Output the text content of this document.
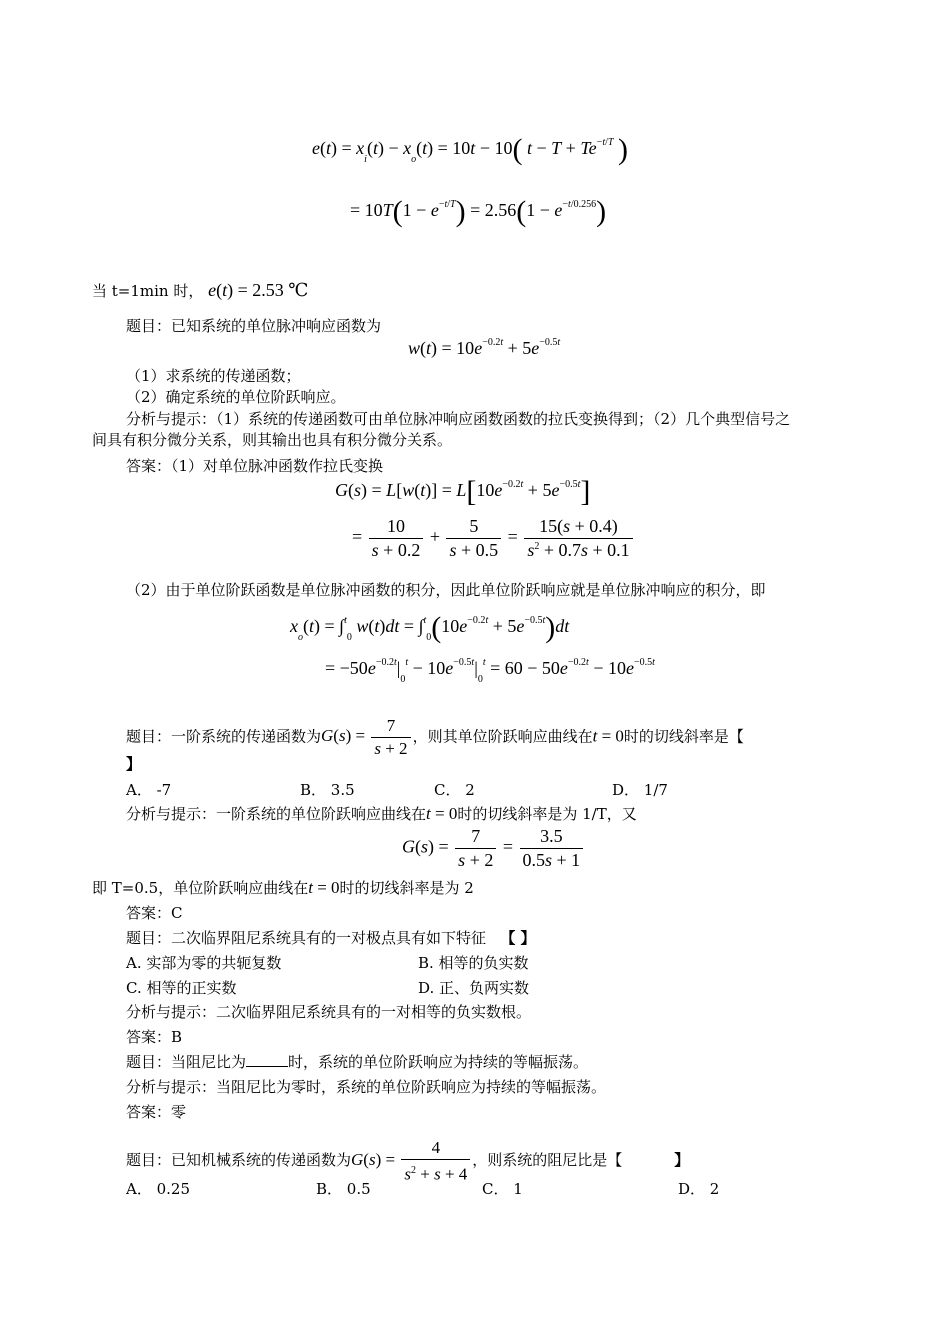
$e(t) = x_i(t) - x_o(t) = 10t - 10$( $t - T + Te^{-t/T}$ )
= $10T(1 - e^{-t/T}) = 2.56(1 - e^{-t/0.256})$
当 t=1min 时， e(t) = 2.53 ℃
题目：已知系统的单位脉冲响应函数为
$w(t) = 10e^{-0.2t} + 5e^{-0.5t}$
（1）求系统的传递函数；
（2）确定系统的单位阶跃响应。
分析与提示：（1）系统的传递函数可由单位脉冲响应函数函数的拉氏变换得到；（2）几个典型信号之
间具有积分微分关系，则其输出也具有积分微分关系。
答案：（1）对单位脉冲函数作拉氏变换
$G(s) = L[w(t)] = L[10e^{-0.2t} + 5e^{-0.5t}]$
= $\frac{10}{s + 0.2} + \frac{5}{s + 0.5} = \frac{15(s + 0.4)}{s^2 + 0.7s + 0.1}$
（2）由于单位阶跃函数是单位脉冲函数的积分，因此单位阶跃响应就是单位脉冲响应的积分，即
$x_o(t) = \int^t_0$ $w(t)dt = \int^t_0(10e^{-0.2t} + 5e^{-0.5t})dt$
= $-50e^{-0.2t}|_0^t - 10e^{-0.5t}|_0^t = 60 - 50e^{-0.2t} - 10e^{-0.5t}$
题目：一阶系统的传递函数为$G(s) = \frac{7}{s + 2}$ ，则其单位阶跃响应曲线在t = 0时的切线斜率是【
】
A． -7	B． 3.5	C． 2	D． 1/7
分析与提示：一阶系统的单位阶跃响应曲线在t = 0时的切线斜率是为 1/T，又
$G(s) = \frac{7}{s + 2} = \frac{3.5}{0.5s + 1}$
即 T=0.5，单位阶跃响应曲线在t = 0时的切线斜率是为 2
答案：C
题目：二次临界阻尼系统具有的一对极点具有如下特征 【 】
A. 实部为零的共轭复数	B. 相等的负实数
C. 相等的正实数	D. 正、负两实数
分析与提示：二次临界阻尼系统具有的一对相等的负实数根。
答案：B
题目：当阻尼比为	时，系统的单位阶跃响应为持续的等幅振荡。
分析与提示：当阻尼比为零时，系统的单位阶跃响应为持续的等幅振荡。
答案：零
题目：已知机械系统的传递函数为$G(s) = \frac{4}{s^2 + s + 4}$ ，则系统的阻尼比是【	】
A． 0.25	B． 0.5	C． 1	D． 2
